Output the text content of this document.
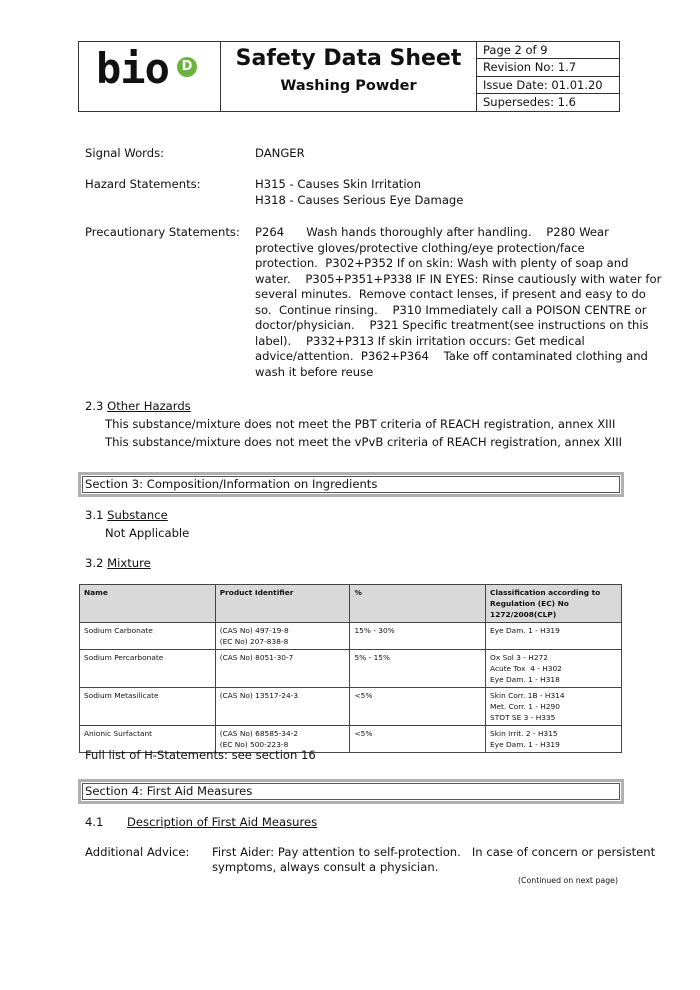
bio D	Safety Data Sheet
Washing Powder
Page 2 of 9
Revision No: 1.7
Issue Date: 01.01.20
Supersedes: 1.6
Signal Words:	DANGER
Hazard Statements:	H315 - Causes Skin Irritation
H318 - Causes Serious Eye Damage
Precautionary Statements: P264      Wash hands thoroughly after handling.    P280 Wear
protective gloves/protective clothing/eye protection/face
protection.  P302+P352 If on skin: Wash with plenty of soap and
water.    P305+P351+P338 IF IN EYES: Rinse cautiously with water for
several minutes.  Remove contact lenses, if present and easy to do
so.  Continue rinsing.    P310 Immediately call a POISON CENTRE or
doctor/physician.    P321 Specific treatment(see instructions on this
label).    P332+P313 If skin irritation occurs: Get medical
advice/attention.  P362+P364    Take off contaminated clothing and
wash it before reuse
2.3 Other Hazards
This substance/mixture does not meet the PBT criteria of REACH registration, annex XIII
This substance/mixture does not meet the vPvB criteria of REACH registration, annex XIII
Section 3: Composition/Information on Ingredients
3.1 Substance
Not Applicable
3.2 Mixture
Name	Product Identifier	%	Classification according to
Regulation (EC) No
1272/2008(CLP)

Sodium Carbonate	(CAS No) 497-19-8
(EC No) 207-838-8	15% - 30%	Eye Dam. 1 - H319

Sodium Percarbonate	(CAS No) 8051-30-7	5% - 15%	Ox Sol 3 - H272
Acute Tox  4 - H302
Eye Dam. 1 - H318

Sodium Metasilicate	(CAS No) 13517-24-3	<5%	Skin Corr. 1B - H314
Met. Corr. 1 - H290
STOT SE 3 - H335

Anionic Surfactant	(CAS No) 68585-34-2
(EC No) 500-223-8	<5%	Skin Irrit. 2 - H315
Eye Dam. 1 - H319
Full list of H-Statements: see section 16
Section 4: First Aid Measures
4.1 Description of First Aid Measures
Additional Advice: First Aider: Pay attention to self-protection.   In case of concern or persistent
symptoms, always consult a physician.
(Continued on next page)
